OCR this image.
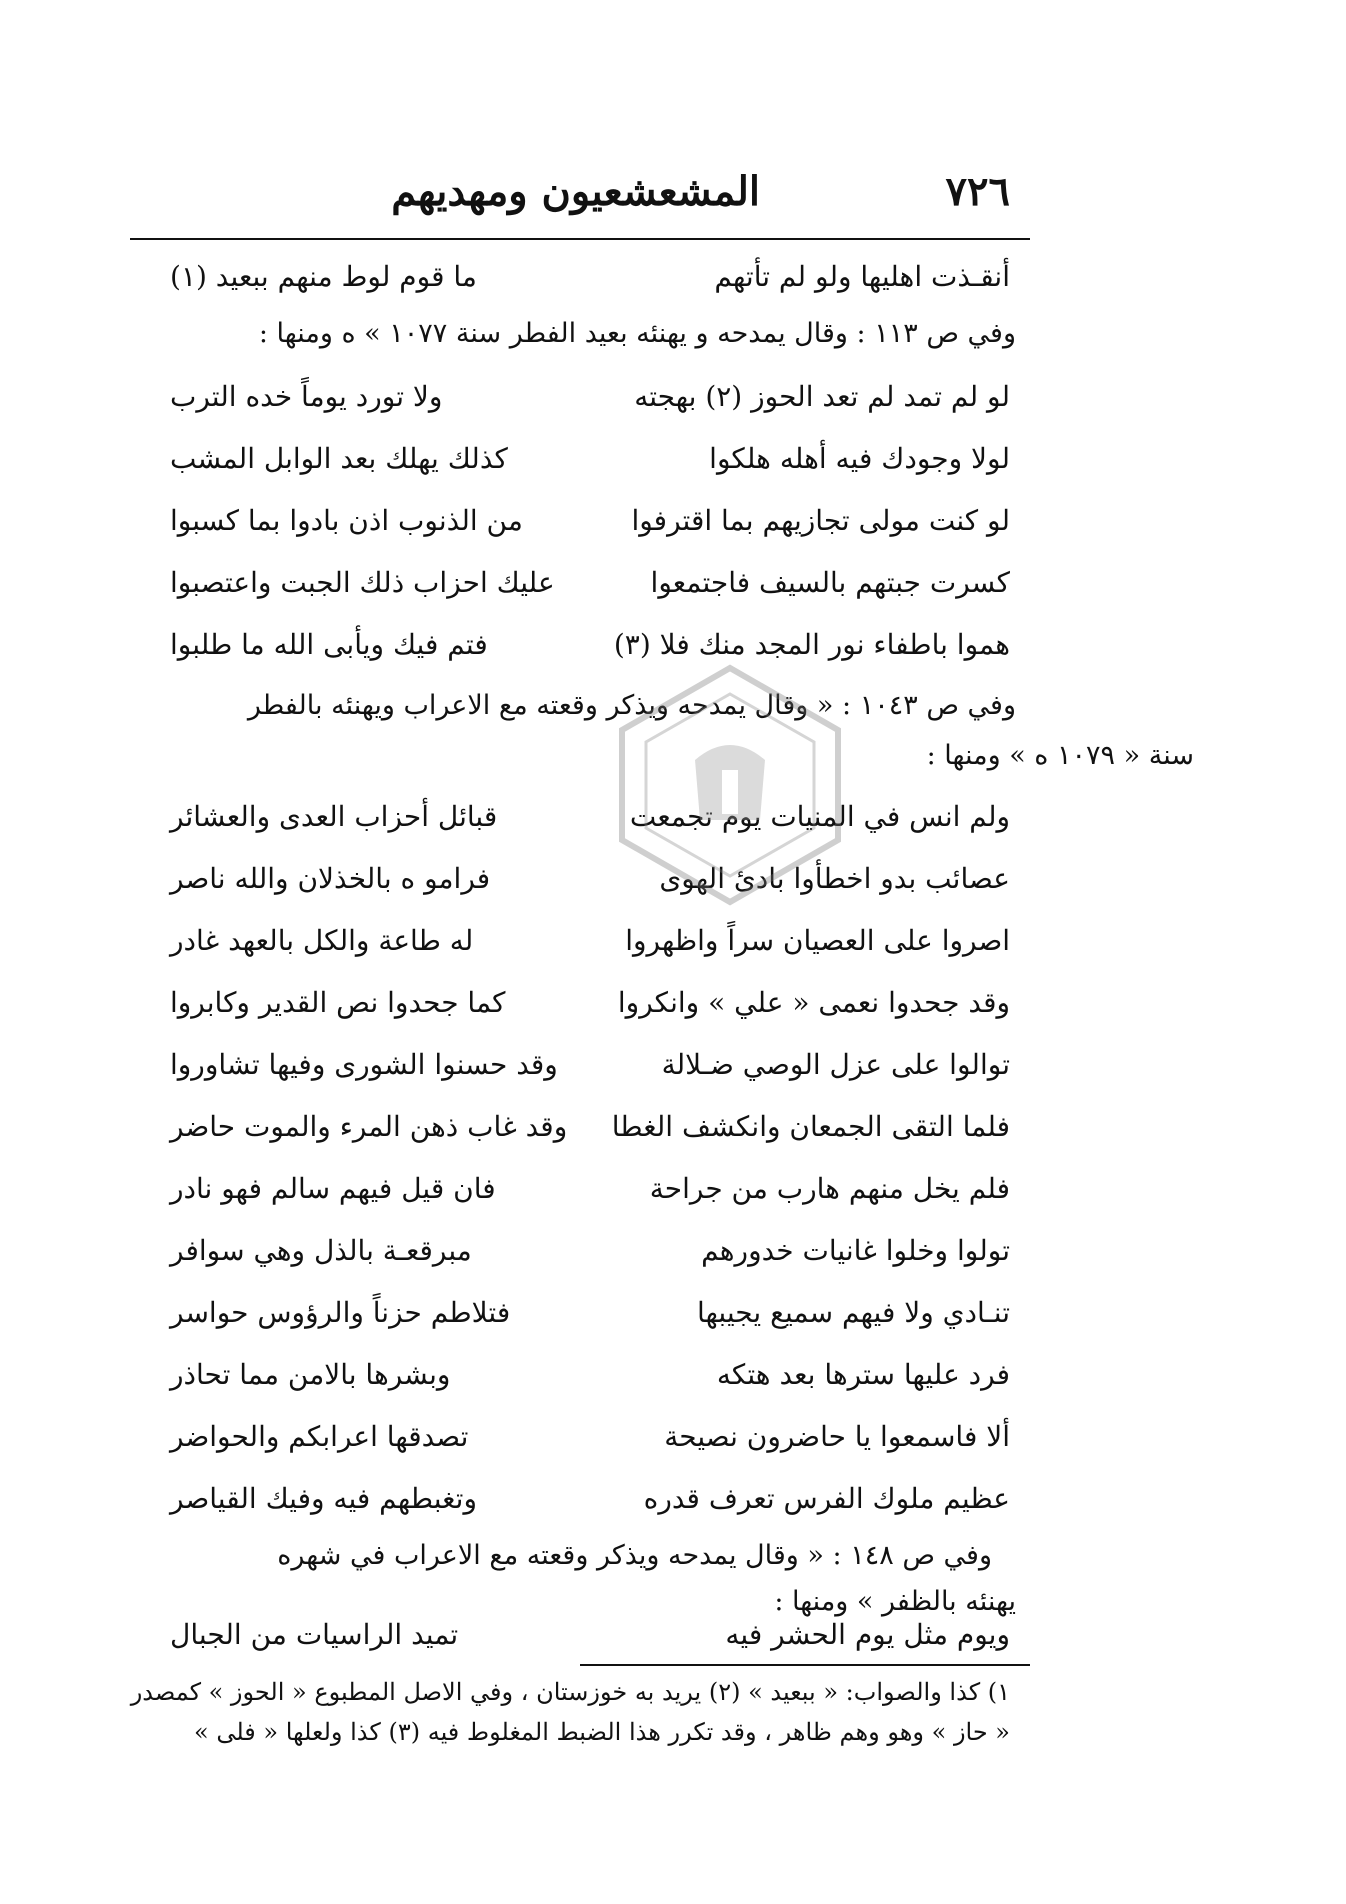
٧٢٦
المشعشعيون ومهديهم
أنقـذت اهليها ولو لم تأتهم
ما قوم لوط منهم ببعيد (١)
وفي ص ١١٣ : وقال يمدحه و يهنئه بعيد الفطر سنة ١٠٧٧ » ه ومنها :
لو لم تمد لم تعد الحوز (٢) بهجته
ولا تورد يوماً خده الترب
لولا وجودك فيه أهله هلكوا
كذلك يهلك بعد الوابل المشب
لو كنت مولى تجازيهم بما اقترفوا
من الذنوب اذن بادوا بما كسبوا
كسرت جبتهم بالسيف فاجتمعوا
عليك احزاب ذلك الجبت واعتصبوا
هموا باطفاء نور المجد منك فلا (٣)
فتم فيك ويأبى الله ما طلبوا
وفي ص ١٠٤٣ : « وقال يمدحه ويذكر وقعته مع الاعراب ويهنئه بالفطر
سنة « ١٠٧٩ ه » ومنها :
ولم انس في المنيات يوم تجمعت
قبائل أحزاب العدى والعشائر
عصائب بدو اخطأوا بادئ الهوى
فرامو ه بالخذلان والله ناصر
اصروا على العصيان سراً واظهروا
له طاعة والكل بالعهد غادر
وقد جحدوا نعمى « علي » وانكروا
كما جحدوا نص القدير وكابروا
توالوا على عزل الوصي ضـلالة
وقد حسنوا الشورى وفيها تشاوروا
فلما التقى الجمعان وانكشف الغطا
وقد غاب ذهن المرء والموت حاضر
فلم يخل منهم هارب من جراحة
فان قيل فيهم سالم فهو نادر
تولوا وخلوا غانيات خدورهم
مبرقعـة بالذل وهي سوافر
تنـادي ولا فيهم سميع يجيبها
فتلاطم حزناً والرؤوس حواسر
فرد عليها سترها بعد هتكه
وبشرها بالامن مما تحاذر
ألا فاسمعوا يا حاضرون نصيحة
تصدقها اعرابكم والحواضر
عظيم ملوك الفرس تعرف قدره
وتغبطهم فيه وفيك القياصر
وفي ص ١٤٨ : « وقال يمدحه ويذكر وقعته مع الاعراب في شهره
يهنئه بالظفر » ومنها :
ويوم مثل يوم الحشر فيه
تميد الراسيات من الجبال
١) كذا والصواب: « ببعيد » (٢) يريد به خوزستان ، وفي الاصل المطبوع « الحوز » كمصدر
« حاز » وهو وهم ظاهر ، وقد تكرر هذا الضبط المغلوط فيه (٣) كذا ولعلها « فلى »
